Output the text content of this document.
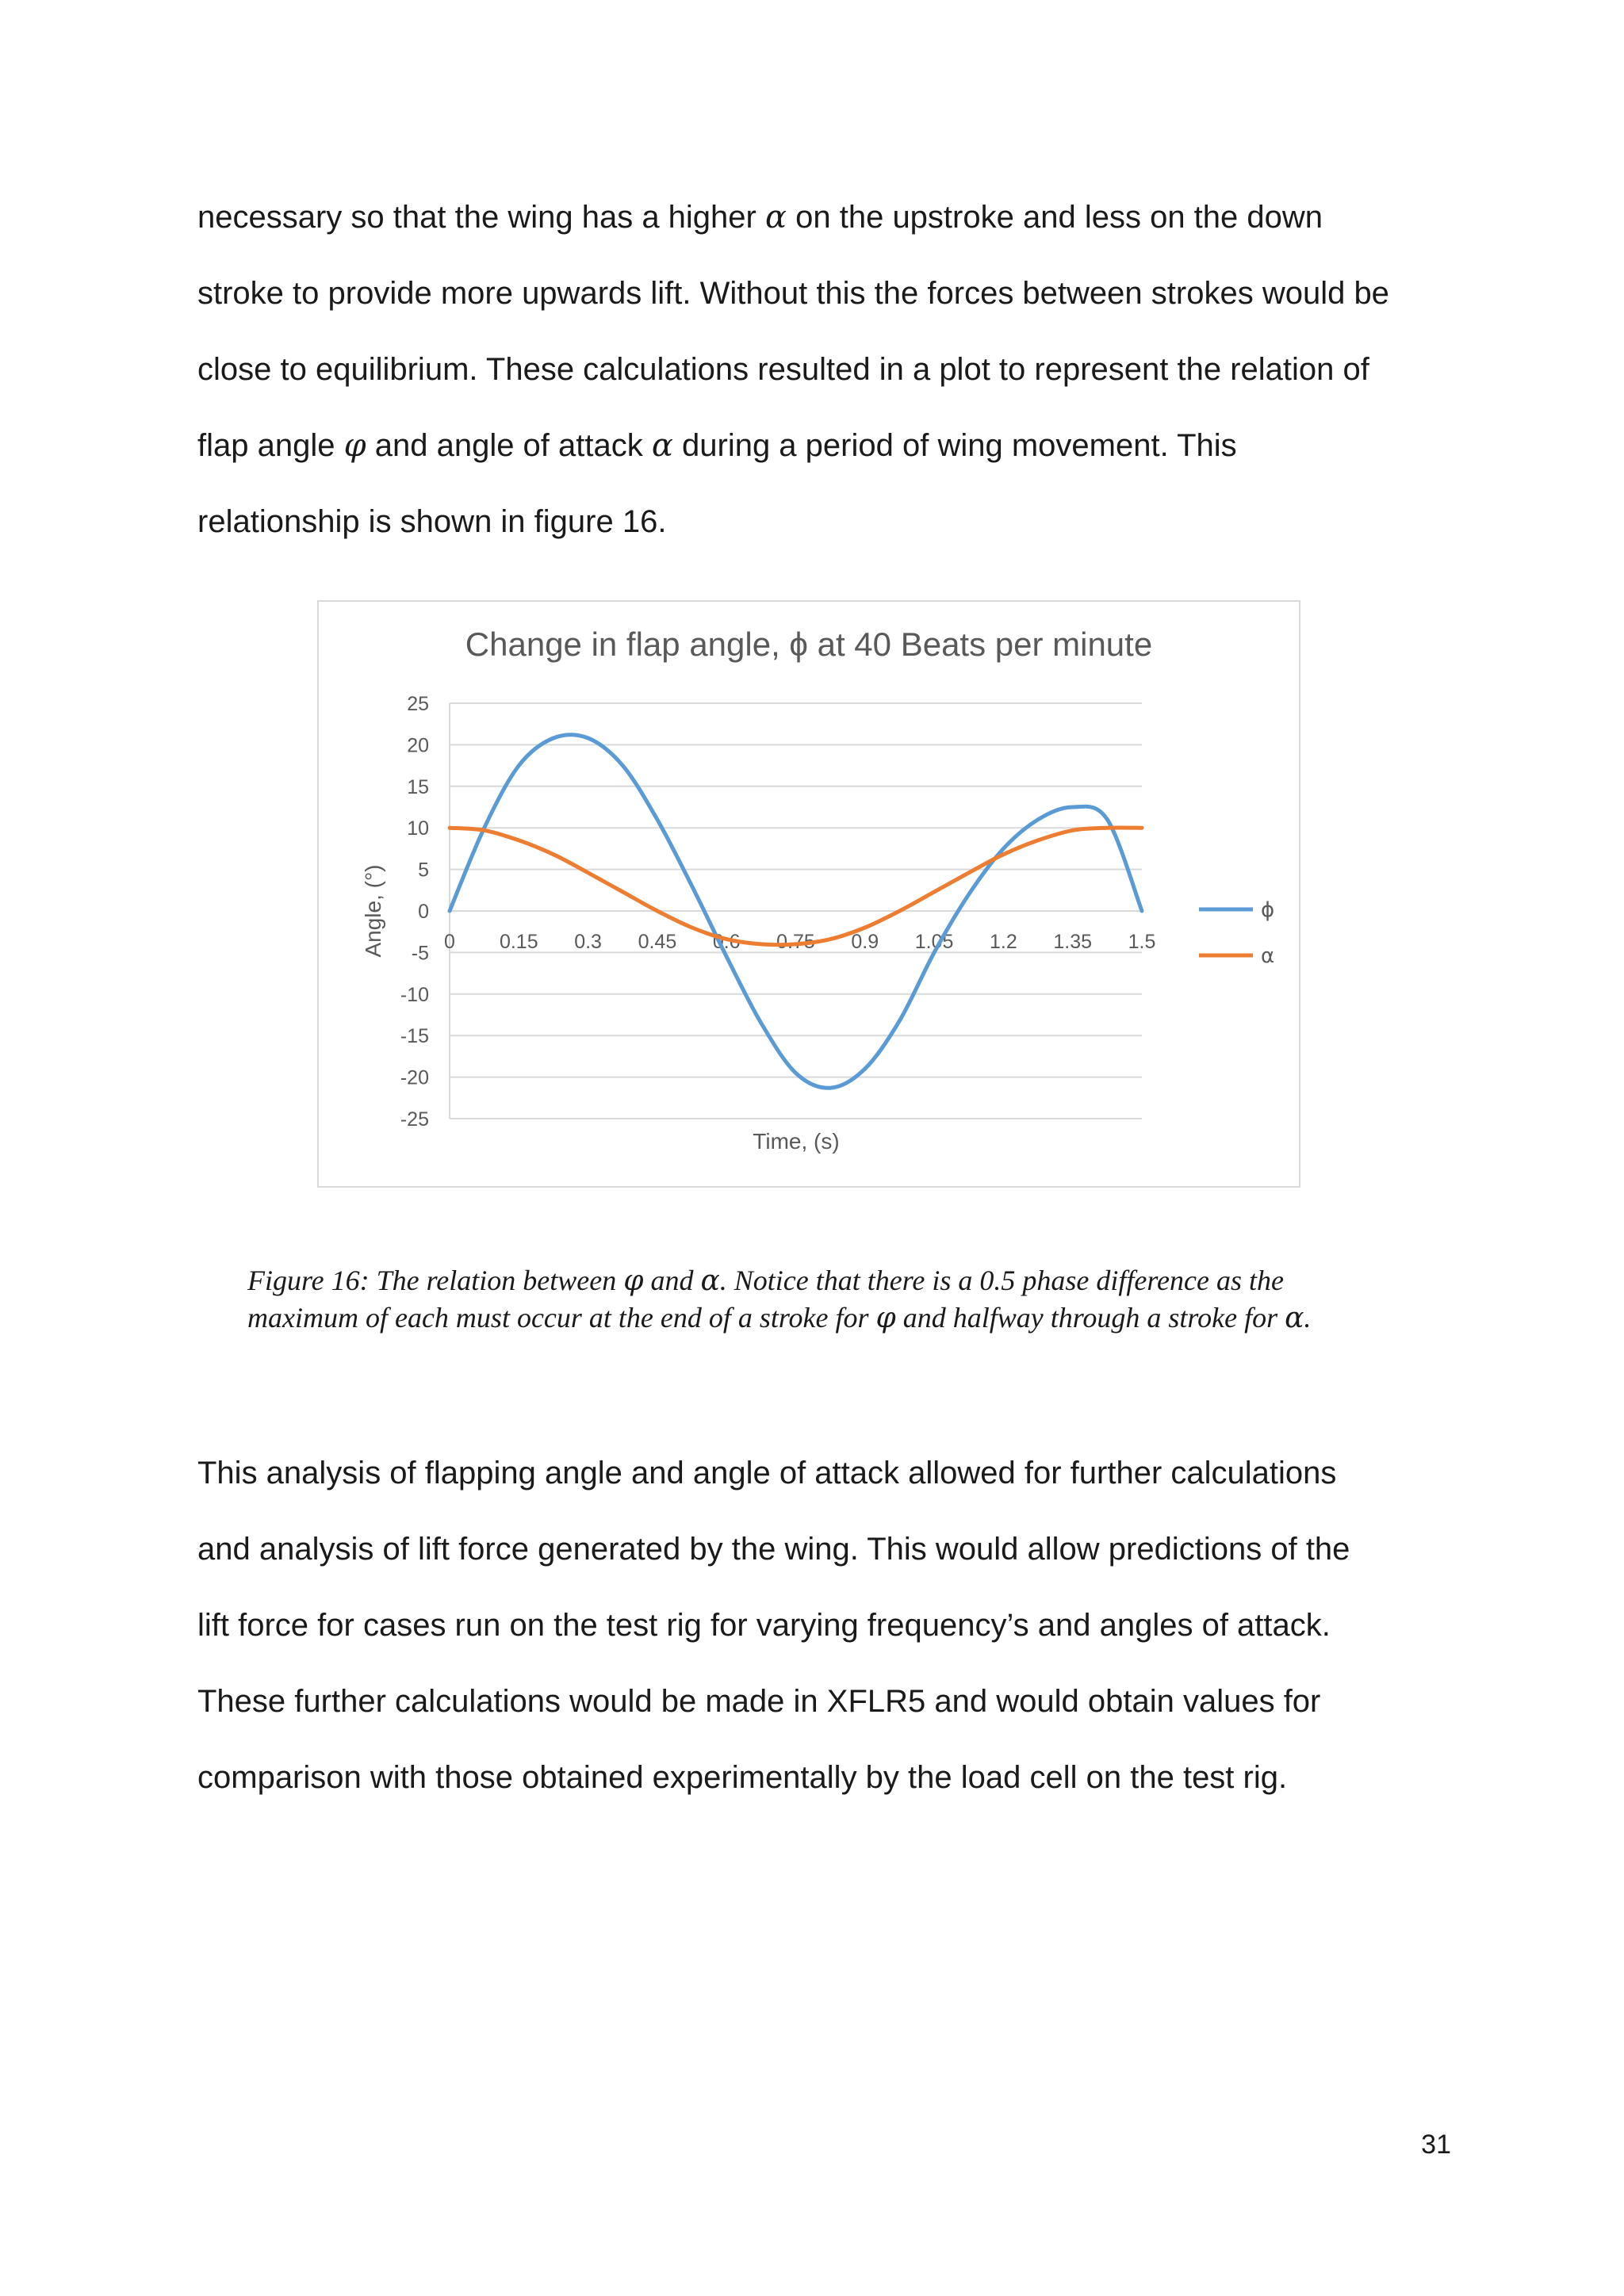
necessary so that the wing has a higher α on the upstroke and less on the down
stroke to provide more upwards lift. Without this the forces between strokes would be
close to equilibrium. These calculations resulted in a plot to represent the relation of
flap angle φ and angle of attack α during a period of wing movement. This
relationship is shown in figure 16.
Change in flap angle, ϕ at 40 Beats per minute
25
20
15
10
5
0
-5
-10
-15
-20
-25
0 0.15 0.3 0.45 0.6 0.75 0.9 1.05 1.2 1.35 1.5
Angle, (°)
Time, (s)
ϕ
α
Figure 16: The relation between φ and α. Notice that there is a 0.5 phase difference as the
maximum of each must occur at the end of a stroke for φ and halfway through a stroke for α.
This analysis of flapping angle and angle of attack allowed for further calculations
and analysis of lift force generated by the wing. This would allow predictions of the
lift force for cases run on the test rig for varying frequency’s and angles of attack.
These further calculations would be made in XFLR5 and would obtain values for
comparison with those obtained experimentally by the load cell on the test rig.
31
